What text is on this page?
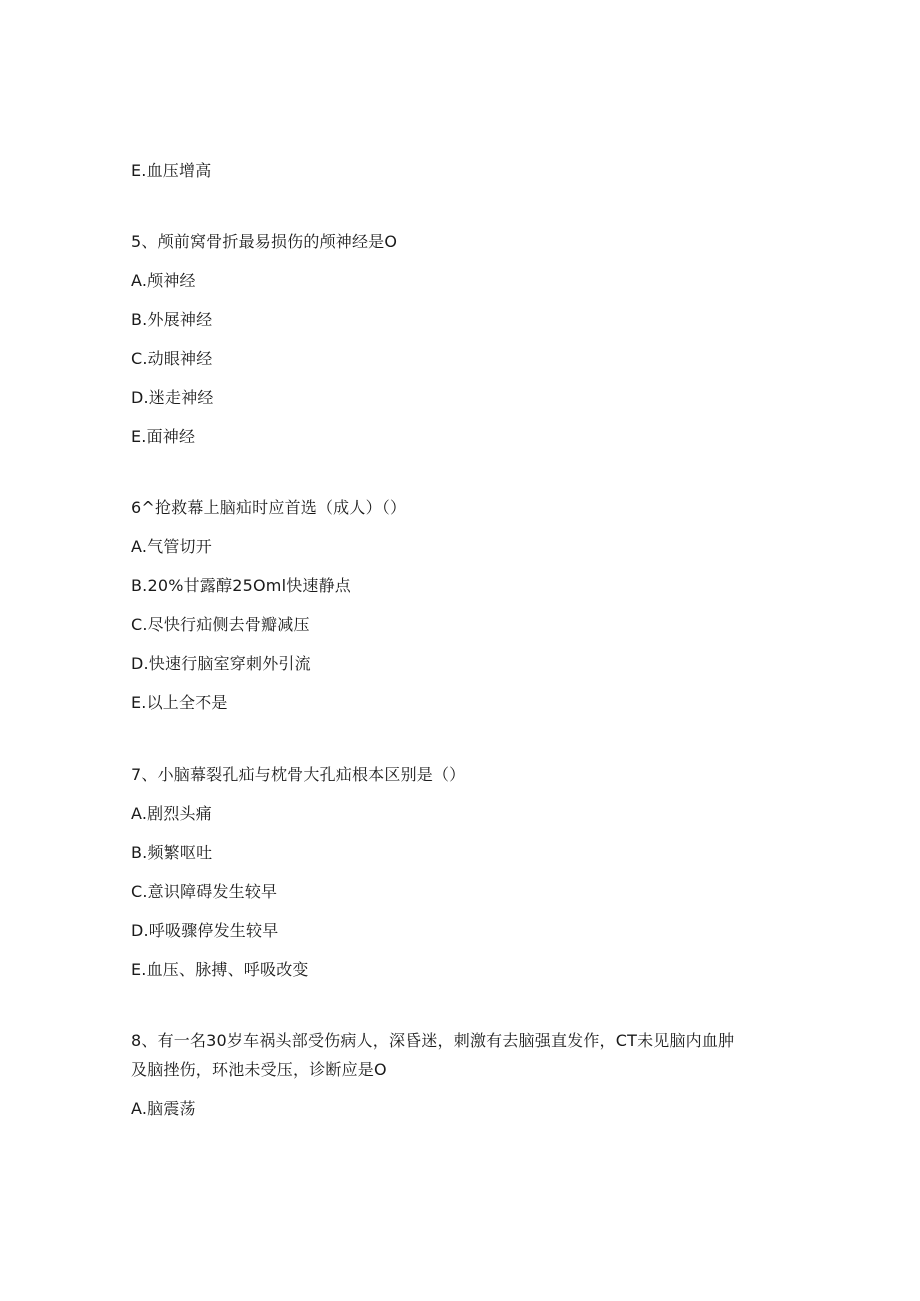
E.血压增高
5、颅前窝骨折最易损伤的颅神经是O
A.颅神经
B.外展神经
C.动眼神经
D.迷走神经
E.面神经
6^抢救幕上脑疝时应首选（成人）（）
A.气管切开
B.20%甘露醇25Oml快速静点
C.尽快行疝侧去骨瓣减压
D.快速行脑室穿刺外引流
E.以上全不是
7、小脑幕裂孔疝与枕骨大孔疝根本区别是（）
A.剧烈头痛
B.频繁呕吐
C.意识障碍发生较早
D.呼吸骤停发生较早
E.血压、脉搏、呼吸改变
8、有一名30岁车祸头部受伤病人，深昏迷，刺激有去脑强直发作，CT未见脑内血肿
及脑挫伤，环池未受压，诊断应是O
A.脑震荡
